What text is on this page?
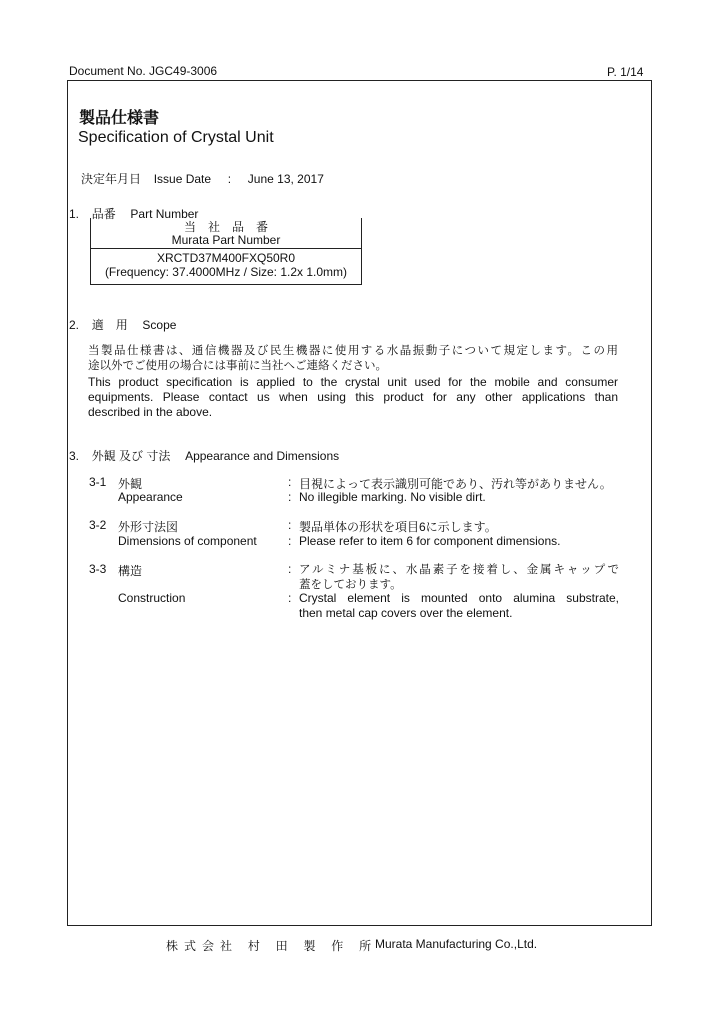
Document No. JGC49-3006	P. 1/14
製品仕様書
Specification of Crystal Unit
決定年月日 Issue Date : June 13, 2017
1. 品番 Part Number
当　社　品　番
Murata Part Number
XRCTD37M400FXQ50R0
(Frequency: 37.4000MHz / Size: 1.2x 1.0mm)
2. 適　用 Scope
当製品仕様書は、通信機器及び民生機器に使用する水晶振動子について規定します。この用
途以外でご使用の場合には事前に当社へご連絡ください。
This product specification is applied to the crystal unit used for the mobile and consumer
equipments. Please contact us when using this product for any other applications than
described in the above.
3. 外観 及び 寸法 Appearance and Dimensions
3-1 外観
Appearance
:
:
目視によって表示識別可能であり、汚れ等がありません。
No illegible marking. No visible dirt.
3-2 外形寸法図
Dimensions of component
:
:
製品単体の形状を項目6に示します。
Please refer to item 6 for component dimensions.
3-3 構造
Construction
:
:
アルミナ基板に、水晶素子を接着し、金属キャップで
蓋をしております。
Crystal element is mounted onto alumina substrate,
then metal cap covers over the element.
株式会社 村 田 製 作 所
Murata Manufacturing Co.,Ltd.
